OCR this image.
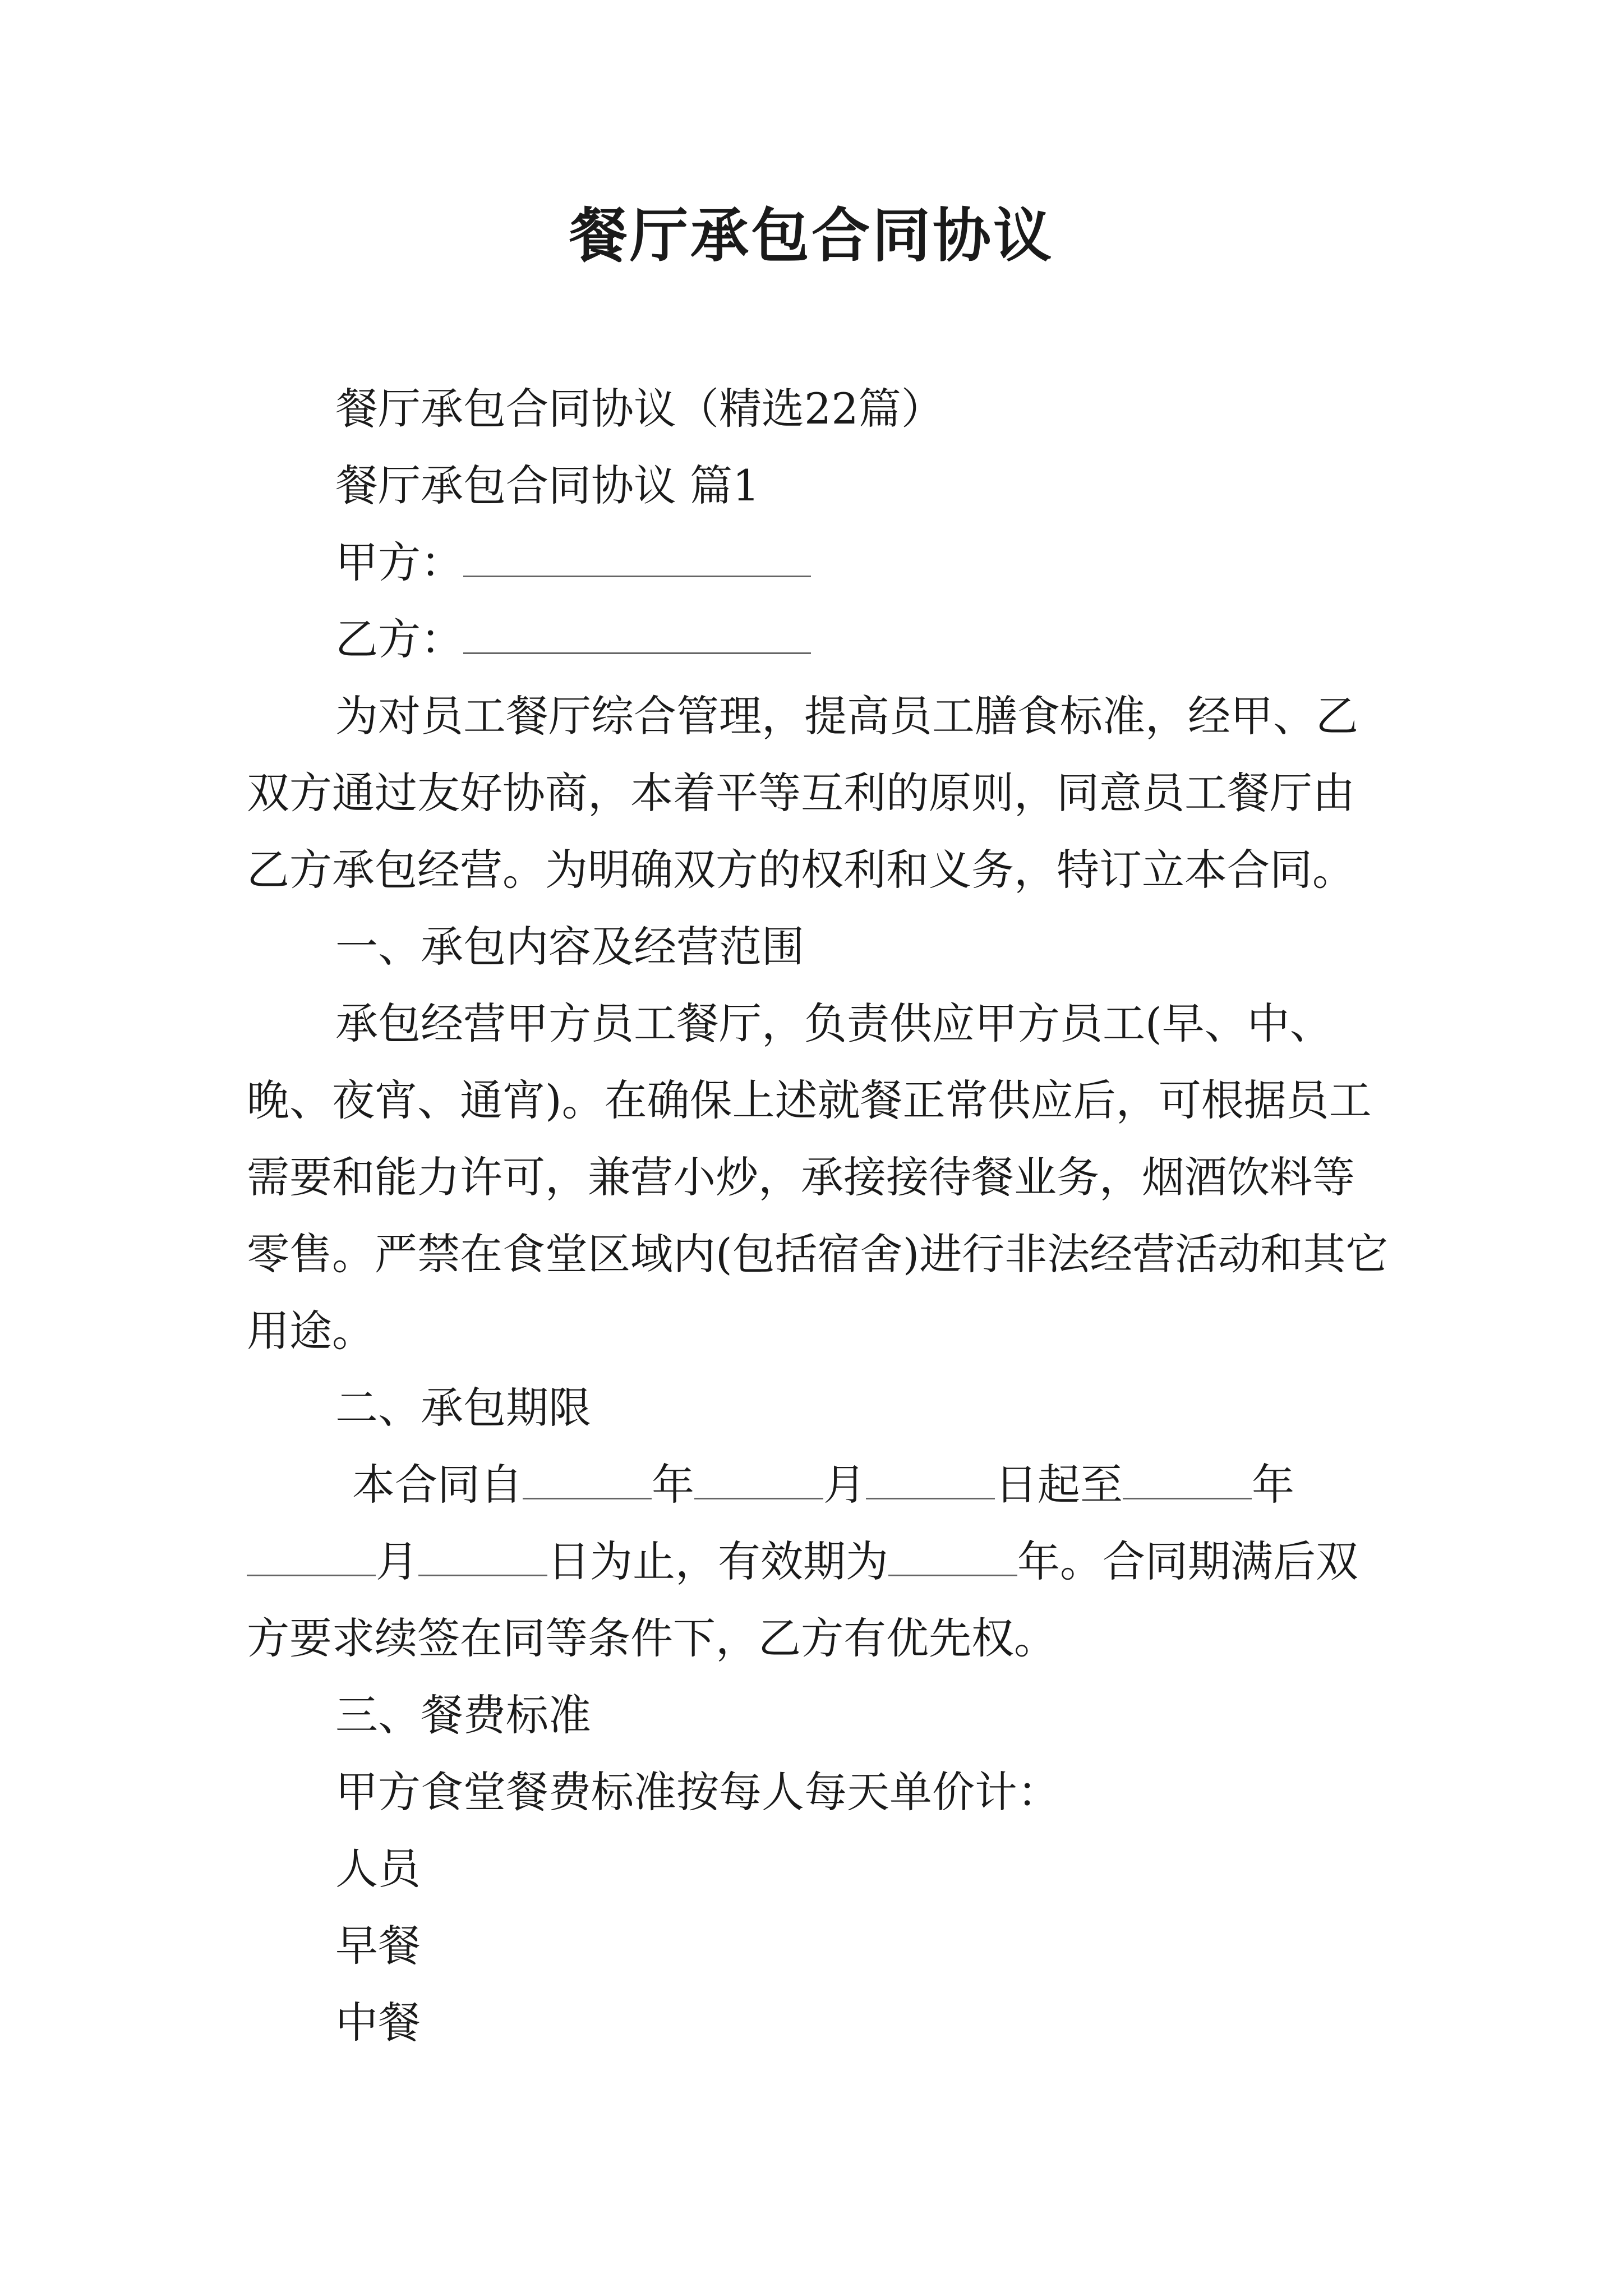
餐厅承包合同协议

餐厅承包合同协议（精选22篇）

餐厅承包合同协议 篇1

甲方：

乙方：

为对员工餐厅综合管理，提高员工膳食标准，经甲、乙双方通过友好协商，本着平等互利的原则，同意员工餐厅由乙方承包经营。为明确双方的权利和义务，特订立本合同。

一、承包内容及经营范围

承包经营甲方员工餐厅，负责供应甲方员工(早、中、晚、夜宵、通宵)。在确保上述就餐正常供应后，可根据员工需要和能力许可，兼营小炒，承接接待餐业务，烟酒饮料等零售。严禁在食堂区域内(包括宿舍)进行非法经营活动和其它用途。

二、承包期限

本合同自	年	月	日起至	年月	日为止，有效期为	年。合同期满后双方要求续签在同等条件下，乙方有优先权。

三、餐费标准

甲方食堂餐费标准按每人每天单价计：

人员

早餐

中餐
